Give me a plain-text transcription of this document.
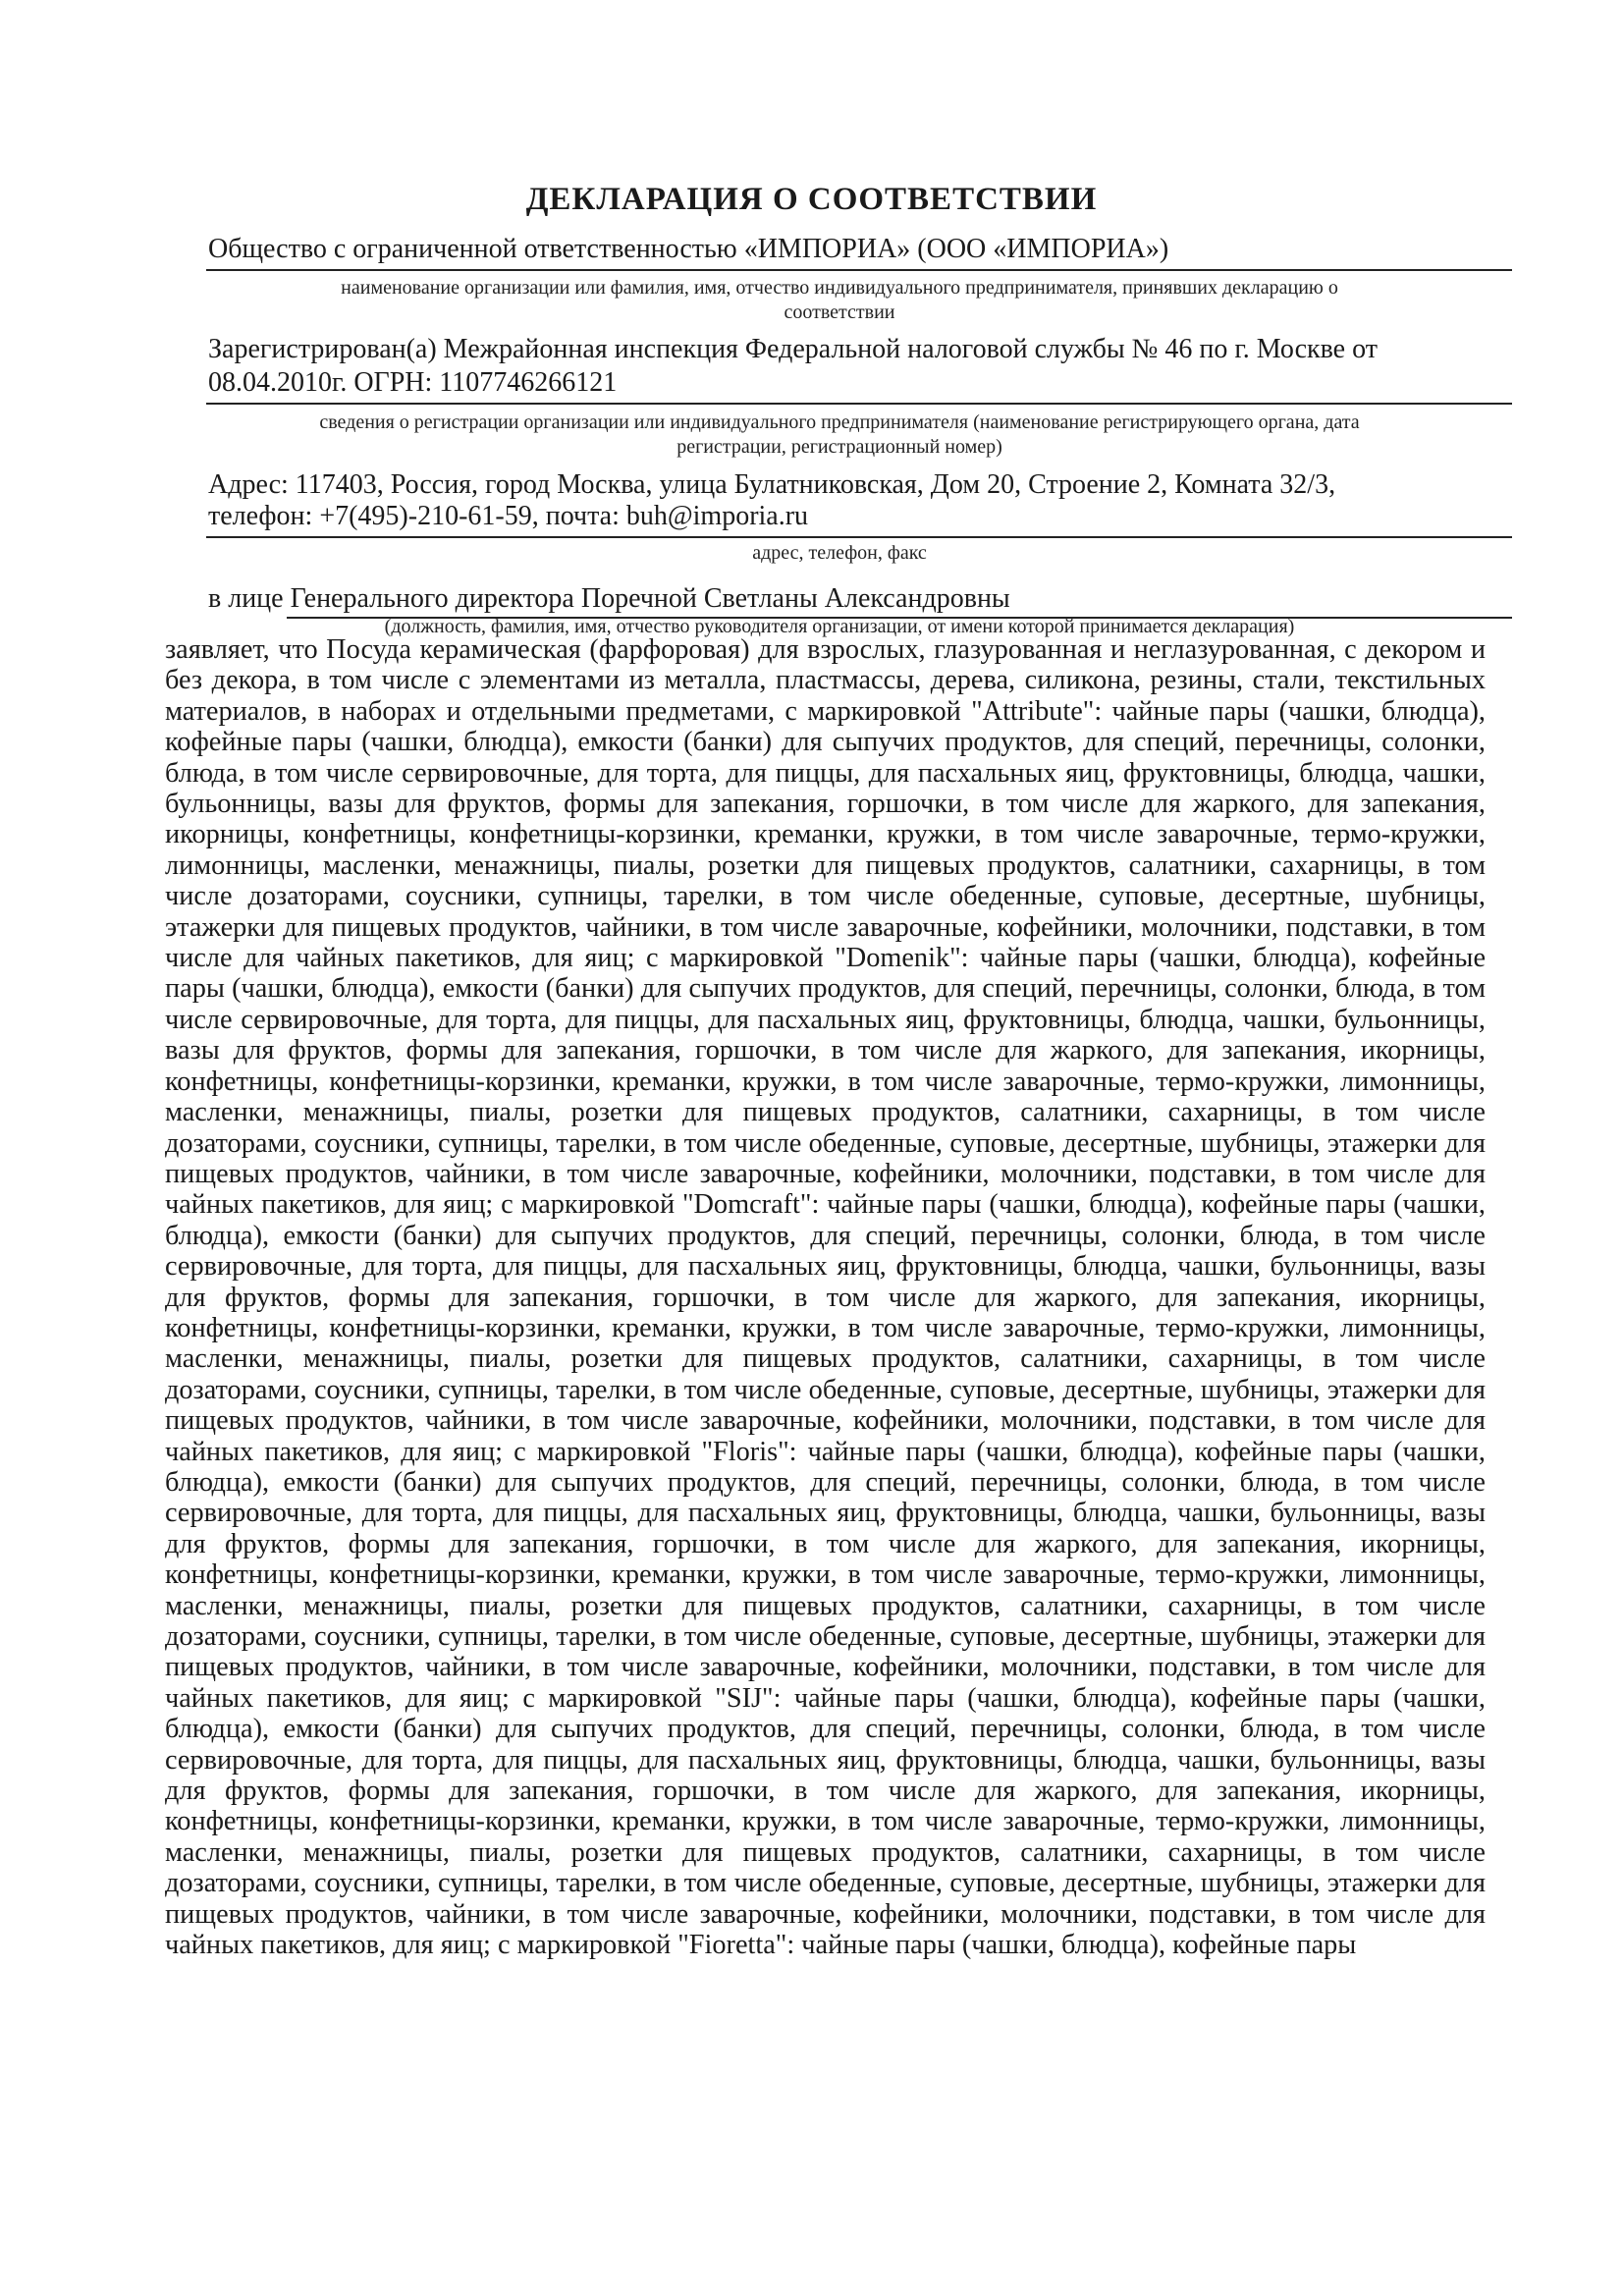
ДЕКЛАРАЦИЯ О СООТВЕТСТВИИ
Общество с ограниченной ответственностью «ИМПОРИА» (ООО «ИМПОРИА»)
наименование организации или фамилия, имя, отчество индивидуального предпринимателя, принявших декларацию о
соответствии
Зарегистрирован(а) Межрайонная инспекция Федеральной налоговой службы № 46 по г. Москве от
08.04.2010г. ОГРН: 1107746266121
сведения о регистрации организации или индивидуального предпринимателя (наименование регистрирующего органа, дата
регистрации, регистрационный номер)
Адрес: 117403, Россия, город Москва, улица Булатниковская, Дом 20, Строение 2, Комната 32/3,
телефон: +7(495)-210-61-59, почта: buh@imporia.ru
адрес, телефон, факс
в лице Генерального директора Поречной Светланы Александровны
(должность, фамилия, имя, отчество руководителя организации, от имени которой принимается декларация)
заявляет, что Посуда керамическая (фарфоровая) для взрослых, глазурованная и неглазурованная, с декором и без декора, в том числе с элементами из металла, пластмассы, дерева, силикона, резины, стали, текстильных материалов, в наборах и отдельными предметами, с маркировкой "Attribute": чайные пары (чашки, блюдца), кофейные пары (чашки, блюдца), емкости (банки) для сыпучих продуктов, для специй, перечницы, солонки, блюда, в том числе сервировочные, для торта, для пиццы, для пасхальных яиц, фруктовницы, блюдца, чашки, бульонницы, вазы для фруктов, формы для запекания, горшочки, в том числе для жаркого, для запекания, икорницы, конфетницы, конфетницы-корзинки, креманки, кружки, в том числе заварочные, термо-кружки, лимонницы, масленки, менажницы, пиалы, розетки для пищевых продуктов, салатники, сахарницы, в том числе дозаторами, соусники, супницы, тарелки, в том числе обеденные, суповые, десертные, шубницы, этажерки для пищевых продуктов, чайники, в том числе заварочные, кофейники, молочники, подставки, в том числе для чайных пакетиков, для яиц; с маркировкой "Domenik": чайные пары (чашки, блюдца), кофейные пары (чашки, блюдца), емкости (банки) для сыпучих продуктов, для специй, перечницы, солонки, блюда, в том числе сервировочные, для торта, для пиццы, для пасхальных яиц, фруктовницы, блюдца, чашки, бульонницы, вазы для фруктов, формы для запекания, горшочки, в том числе для жаркого, для запекания, икорницы, конфетницы, конфетницы-корзинки, креманки, кружки, в том числе заварочные, термо-кружки, лимонницы, масленки, менажницы, пиалы, розетки для пищевых продуктов, салатники, сахарницы, в том числе дозаторами, соусники, супницы, тарелки, в том числе обеденные, суповые, десертные, шубницы, этажерки для пищевых продуктов, чайники, в том числе заварочные, кофейники, молочники, подставки, в том числе для чайных пакетиков, для яиц; с маркировкой "Domcraft": чайные пары (чашки, блюдца), кофейные пары (чашки, блюдца), емкости (банки) для сыпучих продуктов, для специй, перечницы, солонки, блюда, в том числе сервировочные, для торта, для пиццы, для пасхальных яиц, фруктовницы, блюдца, чашки, бульонницы, вазы для фруктов, формы для запекания, горшочки, в том числе для жаркого, для запекания, икорницы, конфетницы, конфетницы-корзинки, креманки, кружки, в том числе заварочные, термо-кружки, лимонницы, масленки, менажницы, пиалы, розетки для пищевых продуктов, салатники, сахарницы, в том числе дозаторами, соусники, супницы, тарелки, в том числе обеденные, суповые, десертные, шубницы, этажерки для пищевых продуктов, чайники, в том числе заварочные, кофейники, молочники, подставки, в том числе для чайных пакетиков, для яиц; с маркировкой "Floris": чайные пары (чашки, блюдца), кофейные пары (чашки, блюдца), емкости (банки) для сыпучих продуктов, для специй, перечницы, солонки, блюда, в том числе сервировочные, для торта, для пиццы, для пасхальных яиц, фруктовницы, блюдца, чашки, бульонницы, вазы для фруктов, формы для запекания, горшочки, в том числе для жаркого, для запекания, икорницы, конфетницы, конфетницы-корзинки, креманки, кружки, в том числе заварочные, термо-кружки, лимонницы, масленки, менажницы, пиалы, розетки для пищевых продуктов, салатники, сахарницы, в том числе дозаторами, соусники, супницы, тарелки, в том числе обеденные, суповые, десертные, шубницы, этажерки для пищевых продуктов, чайники, в том числе заварочные, кофейники, молочники, подставки, в том числе для чайных пакетиков, для яиц; с маркировкой "SIJ": чайные пары (чашки, блюдца), кофейные пары (чашки, блюдца), емкости (банки) для сыпучих продуктов, для специй, перечницы, солонки, блюда, в том числе сервировочные, для торта, для пиццы, для пасхальных яиц, фруктовницы, блюдца, чашки, бульонницы, вазы для фруктов, формы для запекания, горшочки, в том числе для жаркого, для запекания, икорницы, конфетницы, конфетницы-корзинки, креманки, кружки, в том числе заварочные, термо-кружки, лимонницы, масленки, менажницы, пиалы, розетки для пищевых продуктов, салатники, сахарницы, в том числе дозаторами, соусники, супницы, тарелки, в том числе обеденные, суповые, десертные, шубницы, этажерки для пищевых продуктов, чайники, в том числе заварочные, кофейники, молочники, подставки, в том числе для чайных пакетиков, для яиц; с маркировкой "Fioretta": чайные пары (чашки, блюдца), кофейные пары
